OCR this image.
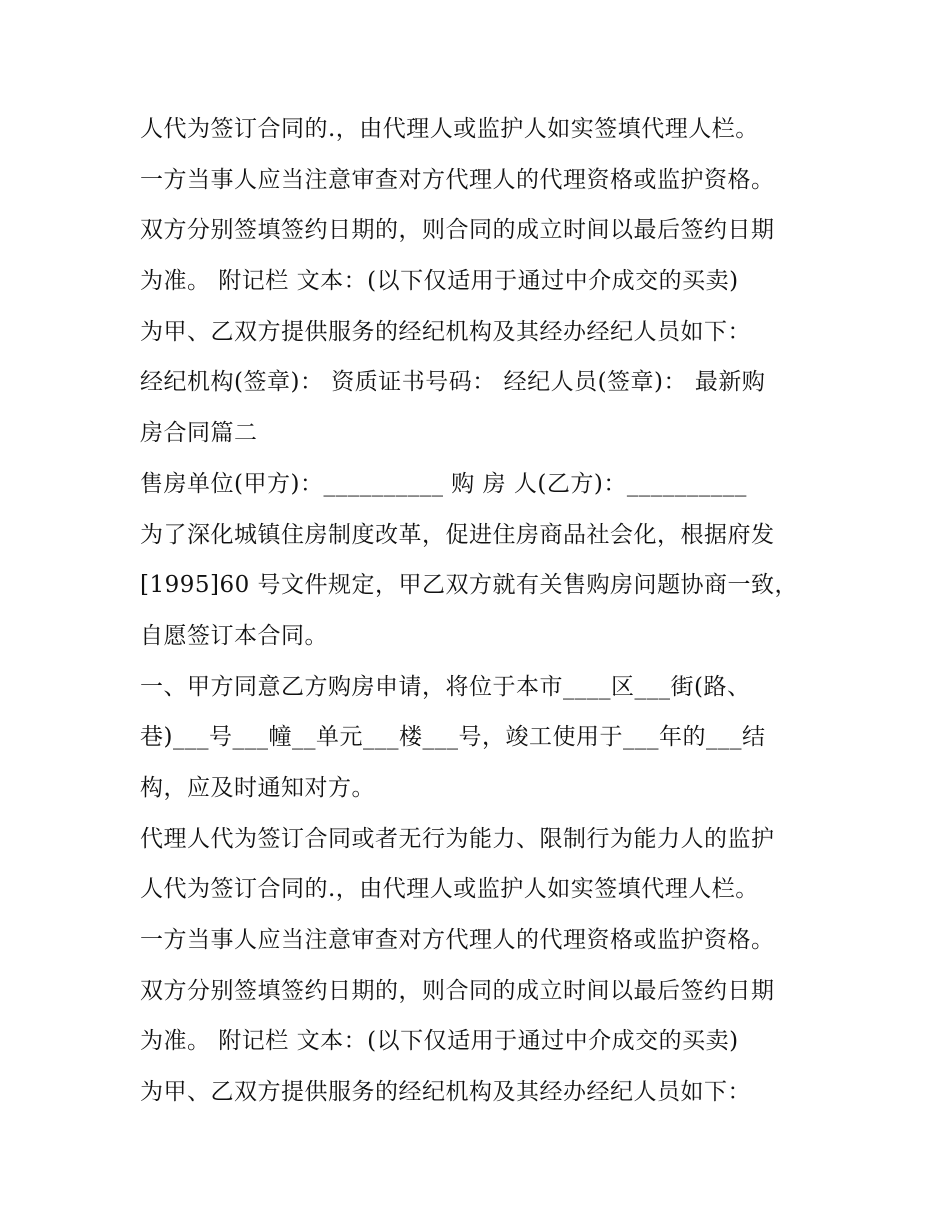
人代为签订合同的.，由代理人或监护人如实签填代理人栏。
一方当事人应当注意审查对方代理人的代理资格或监护资格。
双方分别签填签约日期的，则合同的成立时间以最后签约日期
为准。 附记栏 文本：(以下仅适用于通过中介成交的买卖)
为甲、乙双方提供服务的经纪机构及其经办经纪人员如下：
经纪机构(签章)： 资质证书号码： 经纪人员(签章)： 最新购
房合同篇二
售房单位(甲方)：__________ 购 房 人(乙方)：__________
为了深化城镇住房制度改革，促进住房商品社会化，根据府发
[1995]60 号文件规定，甲乙双方就有关售购房问题协商一致，
自愿签订本合同。
一、甲方同意乙方购房申请，将位于本市____区___街(路、
巷)___号___幢__单元___楼___号，竣工使用于___年的___结
构，应及时通知对方。
代理人代为签订合同或者无行为能力、限制行为能力人的监护
人代为签订合同的.，由代理人或监护人如实签填代理人栏。
一方当事人应当注意审查对方代理人的代理资格或监护资格。
双方分别签填签约日期的，则合同的成立时间以最后签约日期
为准。 附记栏 文本：(以下仅适用于通过中介成交的买卖)
为甲、乙双方提供服务的经纪机构及其经办经纪人员如下：
